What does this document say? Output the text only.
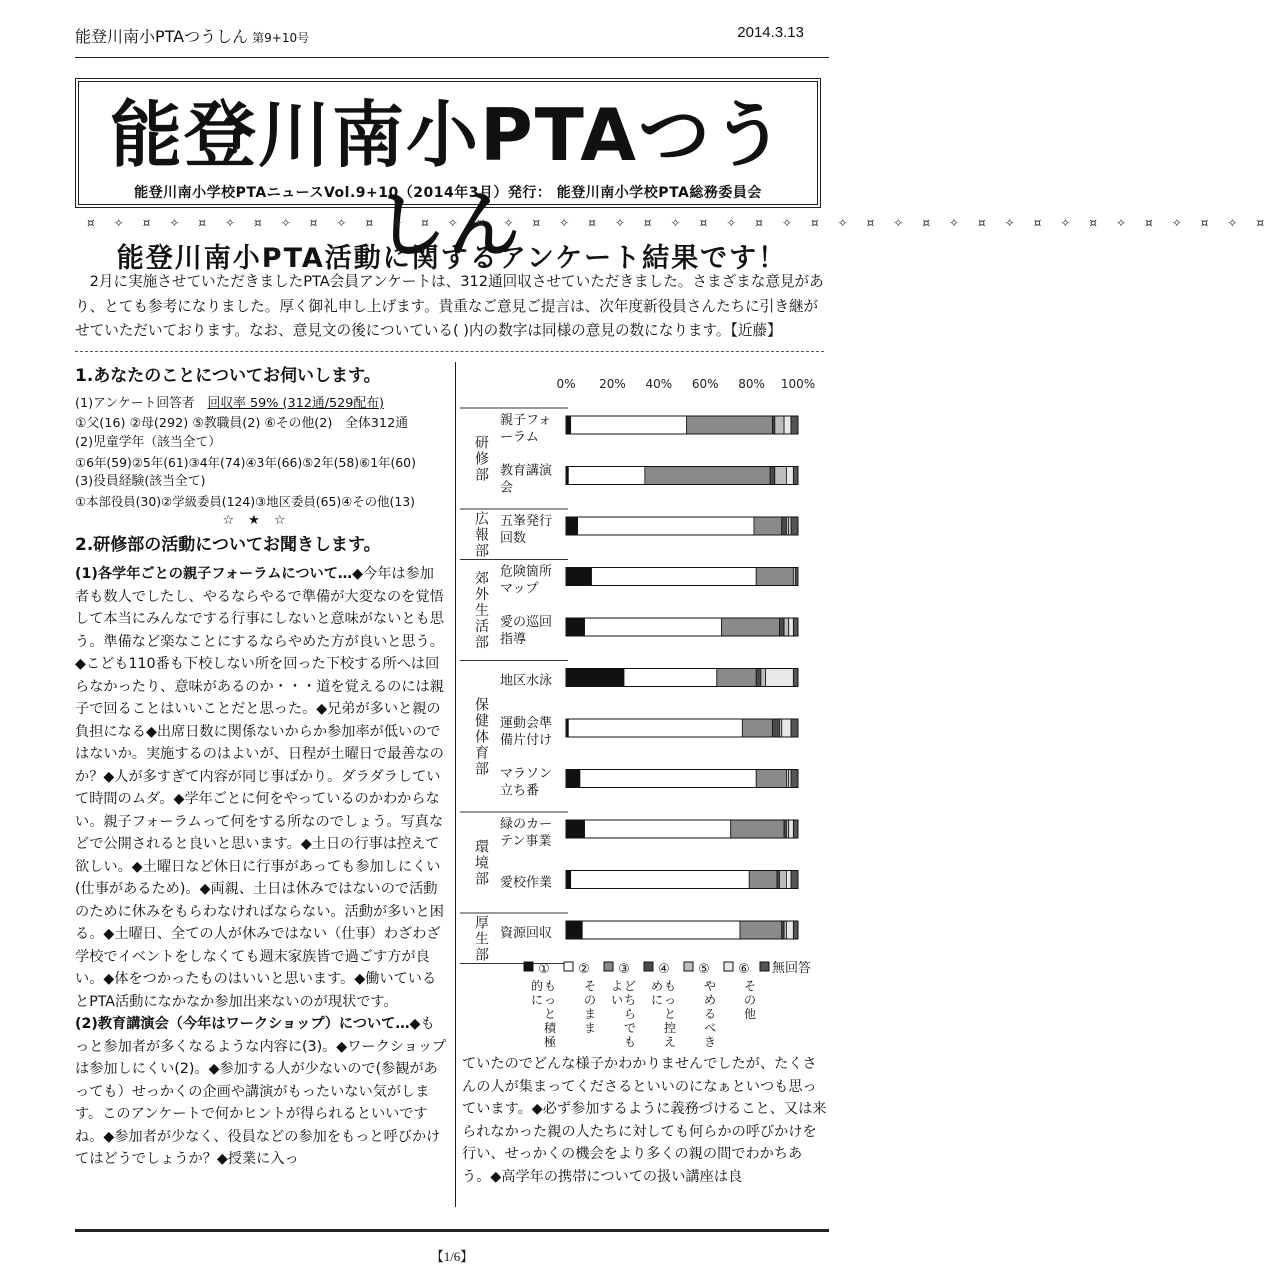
能登川南小PTAつうしん 第9+10号	2014.3.13
能登川南小PTAつうしん
能登川南小学校PTAニュースVol.9+10（2014年3月）発行： 能登川南小学校PTA総務委員会
¤✧¤✧¤✧¤✧¤✧¤✧¤✧¤✧¤✧¤✧¤✧¤✧¤✧¤✧¤✧¤✧¤✧¤✧¤✧¤✧¤✧¤
能登川南小PTA活動に関するアンケート結果です！
2月に実施させていただきましたPTA会員アンケートは、312通回収させていただきました。さまざまな意見があり、とても参考になりました。厚く御礼申し上げます。貴重なご意見ご提言は、次年度新役員さんたちに引き継がせていただいております。なお、意見文の後についている( )内の数字は同様の意見の数になります。【近藤】
1.あなたのことについてお伺いします。
(1)アンケート回答者　 回収率 59% (312通/529配布)
①父(16) ②母(292) ⑤教職員(2) ⑥その他(2)　全体312通
(2)児童学年（該当全て）
①6年(59)②5年(61)③4年(74)④3年(66)⑤2年(58)⑥1年(60)
(3)役員経験(該当全て)
①本部役員(30)②学級委員(124)③地区委員(65)④その他(13)
☆★☆
2.研修部の活動についてお聞きします。
(1)各学年ごとの親子フォーラムについて…◆今年は参加者も数人でしたし、やるならやるで準備が大変なのを覚悟して本当にみんなでする行事にしないと意味がないとも思う。準備など楽なことにするならやめた方が良いと思う。◆こども110番も下校しない所を回った下校する所へは回らなかったり、意味があるのか・・・道を覚えるのには親子で回ることはいいことだと思った。◆兄弟が多いと親の負担になる◆出席日数に関係ないからか参加率が低いのではないか。実施するのはよいが、日程が土曜日で最善なのか？◆人が多すぎて内容が同じ事ばかり。ダラダラしていて時間のムダ。◆学年ごとに何をやっているのかわからない。親子フォーラムって何をする所なのでしょう。写真などで公開されると良いと思います。◆土日の行事は控えて欲しい。◆土曜日など休日に行事があっても参加しにくい(仕事があるため)。◆両親、土日は休みではないので活動のために休みをもらわなければならない。活動が多いと困る。◆土曜日、全ての人が休みではない（仕事）わざわざ学校でイベントをしなくても週末家族皆で過ごす方が良い。◆体をつかったものはいいと思います。◆働いているとPTA活動になかなか参加出来ないのが現状です。
(2)教育講演会（今年はワークショップ）について…◆もっと参加者が多くなるような内容に(3)。◆ワークショップは参加しにくい(2)。◆参加する人が少ないので(参観があっても）せっかくの企画や講演がもったいない気がします。このアンケートで何かヒントが得られるといいですね。◆参加者が少なく、役員などの参加をもっと呼びかけてはどうでしょうか？◆授業に入っ
0% 20% 40% 60% 80% 100%
研
修
部
広
報
部
郊
外
生
活
部
保
健
体
育
部
環
境
部
厚
生
部
親子フォ
ーラム
教育講演
会
五峯発行
回数
危険箇所
マップ
愛の巡回
指導
地区水泳
運動会準
備片付け
マラソン
立ち番
緑のカー
テン事業
愛校作業
資源回収
①
も
っ
と
積
極
的
に
②
そ
の
ま
ま
③
ど
ち
ら
で
も
よ
い
④
も
っ
と
控
え
め
に
⑤
や
め
る
べ
き
⑥
そ
の
他
無回答
ていたのでどんな様子かわかりませんでしたが、たくさんの人が集まってくださるといいのになぁといつも思っています。◆必ず参加するように義務づけること、又は来られなかった親の人たちに対しても何らかの呼びかけを行い、せっかくの機会をより多くの親の間でわかちあう。◆高学年の携帯についての扱い講座は良
【1/6】
